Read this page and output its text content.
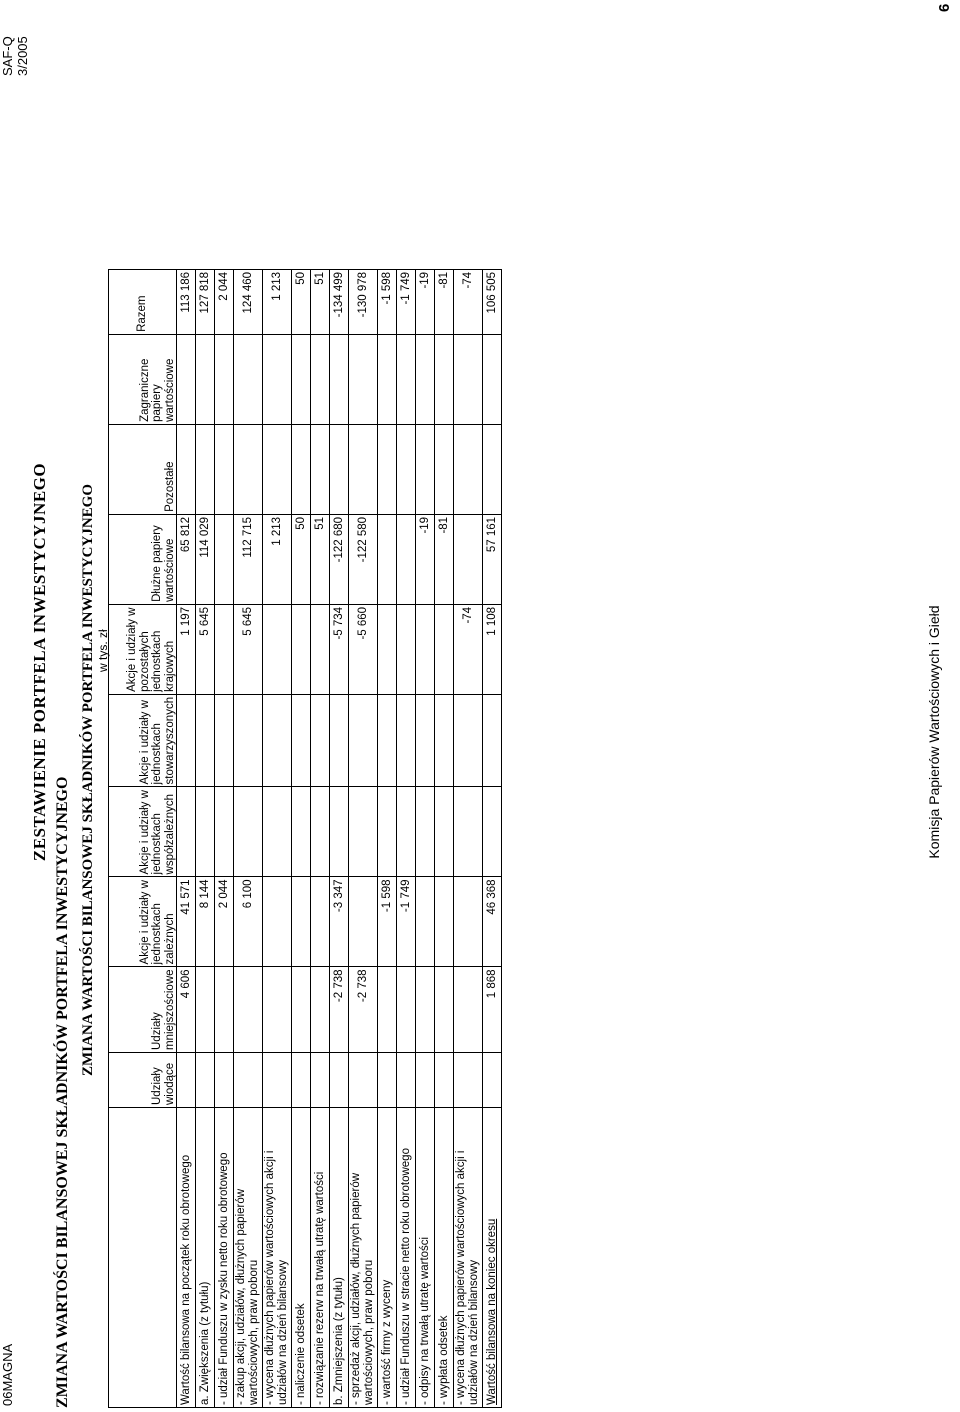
06MAGNA
SAF-Q 3/2005
6
ZESTAWIENIE PORTFELA INWESTYCYJNEGO
ZMIANA WARTOŚCI BILANSOWEJ SKŁADNIKÓW PORTFELA INWESTYCYJNEGO ZMIANA WARTOŚCI BILANSOWEJ SKŁADNIKÓW PORTFELA INWESTYCYJNEGO w tys. zł
	Udziały wiodące	Udziały mniejszościowe	Akcje i udziały w jednostkach zależnych	Akcje i udziały w jednostkach współzależnych	Akcje i udziały w jednostkach stowarzyszonych	Akcje i udziały w pozostałych jednostkach krajowych	Dłużne papiery wartościowe	Pozostałe	Zagraniczne papiery wartościowe	Razem
Wartość bilansowa na początek roku obrotowego		4 606	41 571			1 197	65 812			113 186
a. Zwiększenia (z tytułu)			8 144			5 645	114 029			127 818
- udział Funduszu w zysku netto roku obrotowego			2 044							2 044
- zakup akcji, udziałów, dłużnych papierów wartościowych, praw poboru			6 100			5 645	112 715			124 460
- wycena dłużnych papierów wartościowych akcji i udziałów na dzień bilansowy							1 213			1 213
- naliczenie odsetek							50			50
- rozwiązanie rezerw na trwałą utratę wartości							51			51
b. Zmniejszenia (z tytułu)		-2 738	-3 347			-5 734	-122 680			-134 499
- sprzedaż akcji, udziałów, dłużnych papierów wartościowych, praw poboru		-2 738				-5 660	-122 580			-130 978
- wartość firmy z wyceny			-1 598							-1 598
- udział Funduszu w stracie netto roku obrotowego			-1 749							-1 749
- odpisy na trwałą utratę wartości							-19			-19
- wypłata odsetek							-81			-81
- wycena dłużnych papierów wartościowych akcji i udziałów na dzień bilansowy						-74				-74
Wartość bilansowa na koniec okresu		1 868	46 368			1 108	57 161			106 505
Komisja Papierów Wartościowych i Giełd
